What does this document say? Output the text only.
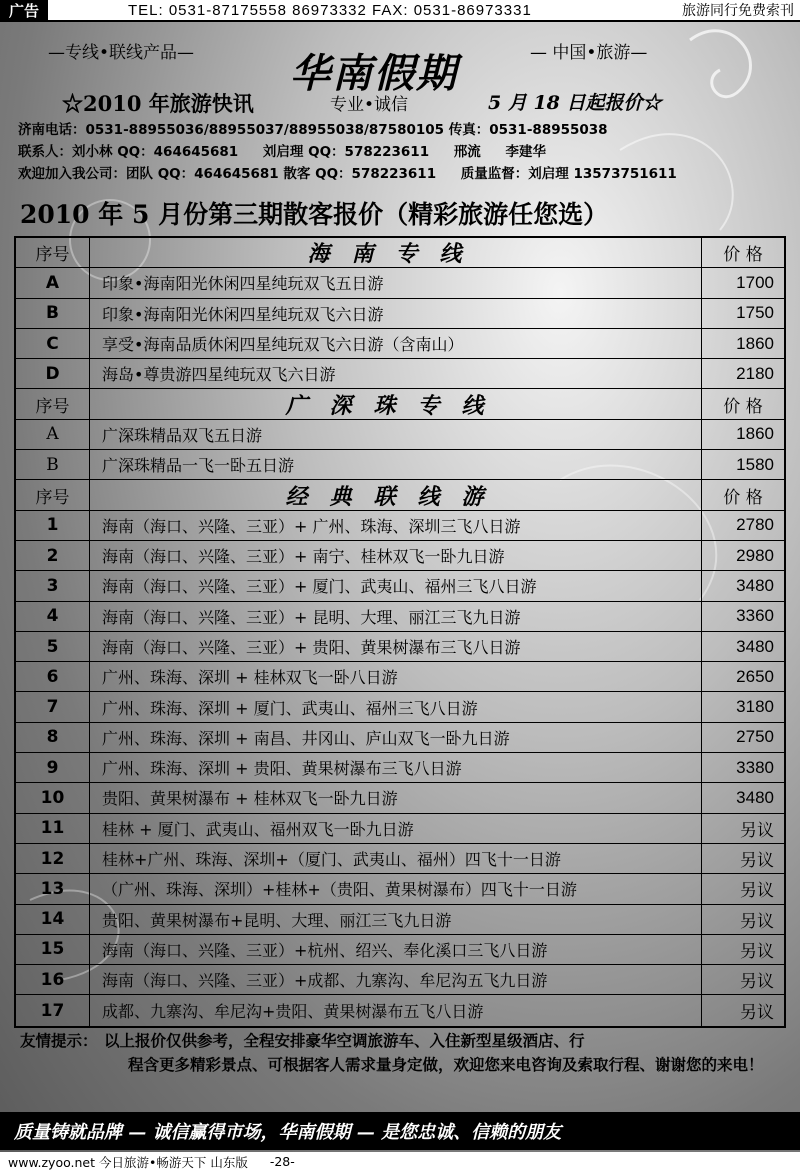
广告	TEL: 0531-87175558 86973332 FAX: 0531-86973331	旅游同行免费索刊
—专线•联线产品— 华南假期	— 中国•旅游—
☆2010 年旅游快讯	专业•诚信	5 月 18 日起报价☆
济南电话：0531-88955036/88955037/88955038/87580105 传真：0531-88955038
联系人：刘小林 QQ：464645681 刘启理 QQ：578223611 邢流 李建华
欢迎加入我公司：团队 QQ：464645681 散客 QQ：578223611 质量监督：刘启理 13573751611
2010 年 5 月份第三期散客报价（精彩旅游任您选）
序号	海南专线	价 格
A	印象•海南阳光休闲四星纯玩双飞五日游	1700
B	印象•海南阳光休闲四星纯玩双飞六日游	1750
C	享受•海南品质休闲四星纯玩双飞六日游（含南山）	1860
D	海岛•尊贵游四星纯玩双飞六日游	2180
序号	广深珠专线	价 格
A	广深珠精品双飞五日游	1860
B	广深珠精品一飞一卧五日游	1580
序号	经典联线游	价 格
1	海南（海口、兴隆、三亚）+ 广州、珠海、深圳三飞八日游	2780
2	海南（海口、兴隆、三亚）+ 南宁、桂林双飞一卧九日游	2980
3	海南（海口、兴隆、三亚）+ 厦门、武夷山、福州三飞八日游	3480
4	海南（海口、兴隆、三亚）+ 昆明、大理、丽江三飞九日游	3360
5	海南（海口、兴隆、三亚）+ 贵阳、黄果树瀑布三飞八日游	3480
6	广州、珠海、深圳 + 桂林双飞一卧八日游	2650
7	广州、珠海、深圳 + 厦门、武夷山、福州三飞八日游	3180
8	广州、珠海、深圳 + 南昌、井冈山、庐山双飞一卧九日游	2750
9	广州、珠海、深圳 + 贵阳、黄果树瀑布三飞八日游	3380
10	贵阳、黄果树瀑布 + 桂林双飞一卧九日游	3480
11	桂林 + 厦门、武夷山、福州双飞一卧九日游	另议
12	桂林+广州、珠海、深圳+（厦门、武夷山、福州）四飞十一日游	另议
13	（广州、珠海、深圳）+桂林+（贵阳、黄果树瀑布）四飞十一日游	另议
14	贵阳、黄果树瀑布+昆明、大理、丽江三飞九日游	另议
15	海南（海口、兴隆、三亚）+杭州、绍兴、奉化溪口三飞八日游	另议
16	海南（海口、兴隆、三亚）+成都、九寨沟、牟尼沟五飞九日游	另议
17	成都、九寨沟、牟尼沟+贵阳、黄果树瀑布五飞八日游	另议
友情提示： 以上报价仅供参考，全程安排豪华空调旅游车、入住新型星级酒店、行
程含更多精彩景点、可根据客人需求量身定做，欢迎您来电咨询及索取行程、谢谢您的来电！
质量铸就品牌 — 诚信赢得市场，华南假期 — 是您忠诚、信赖的朋友
www.zyoo.net 今日旅游•畅游天下 山东版 -28-
